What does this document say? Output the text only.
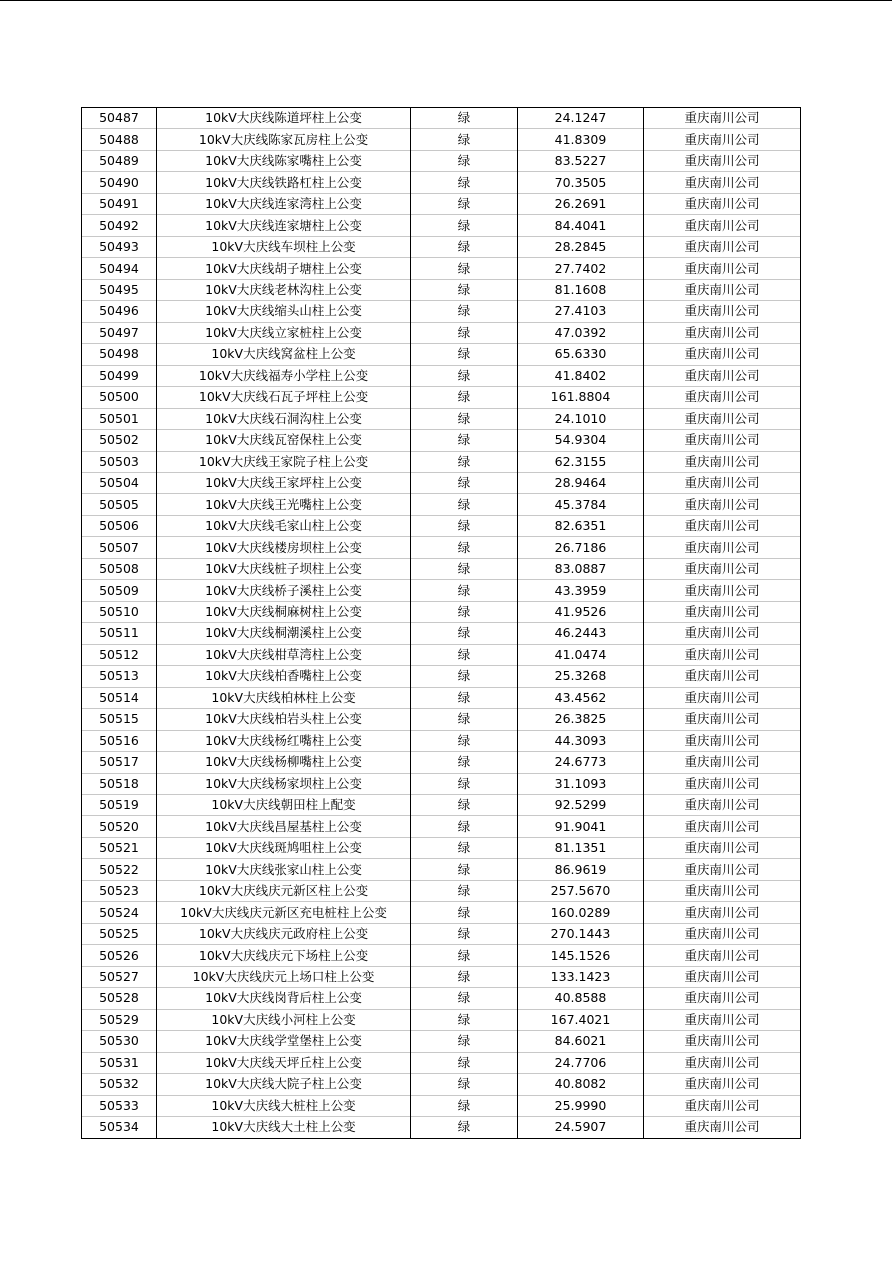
50487	10kV大庆线陈道坪柱上公变	绿	24.1247	重庆南川公司
50488	10kV大庆线陈家瓦房柱上公变	绿	41.8309	重庆南川公司
50489	10kV大庆线陈家嘴柱上公变	绿	83.5227	重庆南川公司
50490	10kV大庆线铁路杠柱上公变	绿	70.3505	重庆南川公司
50491	10kV大庆线连家湾柱上公变	绿	26.2691	重庆南川公司
50492	10kV大庆线连家塘柱上公变	绿	84.4041	重庆南川公司
50493	10kV大庆线车坝柱上公变	绿	28.2845	重庆南川公司
50494	10kV大庆线胡子塘柱上公变	绿	27.7402	重庆南川公司
50495	10kV大庆线老林沟柱上公变	绿	81.1608	重庆南川公司
50496	10kV大庆线缩头山柱上公变	绿	27.4103	重庆南川公司
50497	10kV大庆线立家桩柱上公变	绿	47.0392	重庆南川公司
50498	10kV大庆线窝盆柱上公变	绿	65.6330	重庆南川公司
50499	10kV大庆线福寿小学柱上公变	绿	41.8402	重庆南川公司
50500	10kV大庆线石瓦子坪柱上公变	绿	161.8804	重庆南川公司
50501	10kV大庆线石洞沟柱上公变	绿	24.1010	重庆南川公司
50502	10kV大庆线瓦窑保柱上公变	绿	54.9304	重庆南川公司
50503	10kV大庆线王家院子柱上公变	绿	62.3155	重庆南川公司
50504	10kV大庆线王家坪柱上公变	绿	28.9464	重庆南川公司
50505	10kV大庆线王光嘴柱上公变	绿	45.3784	重庆南川公司
50506	10kV大庆线毛家山柱上公变	绿	82.6351	重庆南川公司
50507	10kV大庆线楼房坝柱上公变	绿	26.7186	重庆南川公司
50508	10kV大庆线桩子坝柱上公变	绿	83.0887	重庆南川公司
50509	10kV大庆线桥子溪柱上公变	绿	43.3959	重庆南川公司
50510	10kV大庆线桐麻树柱上公变	绿	41.9526	重庆南川公司
50511	10kV大庆线桐潮溪柱上公变	绿	46.2443	重庆南川公司
50512	10kV大庆线柑草湾柱上公变	绿	41.0474	重庆南川公司
50513	10kV大庆线柏香嘴柱上公变	绿	25.3268	重庆南川公司
50514	10kV大庆线柏林柱上公变	绿	43.4562	重庆南川公司
50515	10kV大庆线柏岩头柱上公变	绿	26.3825	重庆南川公司
50516	10kV大庆线杨红嘴柱上公变	绿	44.3093	重庆南川公司
50517	10kV大庆线杨柳嘴柱上公变	绿	24.6773	重庆南川公司
50518	10kV大庆线杨家坝柱上公变	绿	31.1093	重庆南川公司
50519	10kV大庆线朝田柱上配变	绿	92.5299	重庆南川公司
50520	10kV大庆线昌屋基柱上公变	绿	91.9041	重庆南川公司
50521	10kV大庆线斑鸠咀柱上公变	绿	81.1351	重庆南川公司
50522	10kV大庆线张家山柱上公变	绿	86.9619	重庆南川公司
50523	10kV大庆线庆元新区柱上公变	绿	257.5670	重庆南川公司
50524	10kV大庆线庆元新区充电桩柱上公变	绿	160.0289	重庆南川公司
50525	10kV大庆线庆元政府柱上公变	绿	270.1443	重庆南川公司
50526	10kV大庆线庆元下场柱上公变	绿	145.1526	重庆南川公司
50527	10kV大庆线庆元上场口柱上公变	绿	133.1423	重庆南川公司
50528	10kV大庆线岗背后柱上公变	绿	40.8588	重庆南川公司
50529	10kV大庆线小河柱上公变	绿	167.4021	重庆南川公司
50530	10kV大庆线学堂堡柱上公变	绿	84.6021	重庆南川公司
50531	10kV大庆线天坪丘柱上公变	绿	24.7706	重庆南川公司
50532	10kV大庆线大院子柱上公变	绿	40.8082	重庆南川公司
50533	10kV大庆线大桩柱上公变	绿	25.9990	重庆南川公司
50534	10kV大庆线大土柱上公变	绿	24.5907	重庆南川公司
